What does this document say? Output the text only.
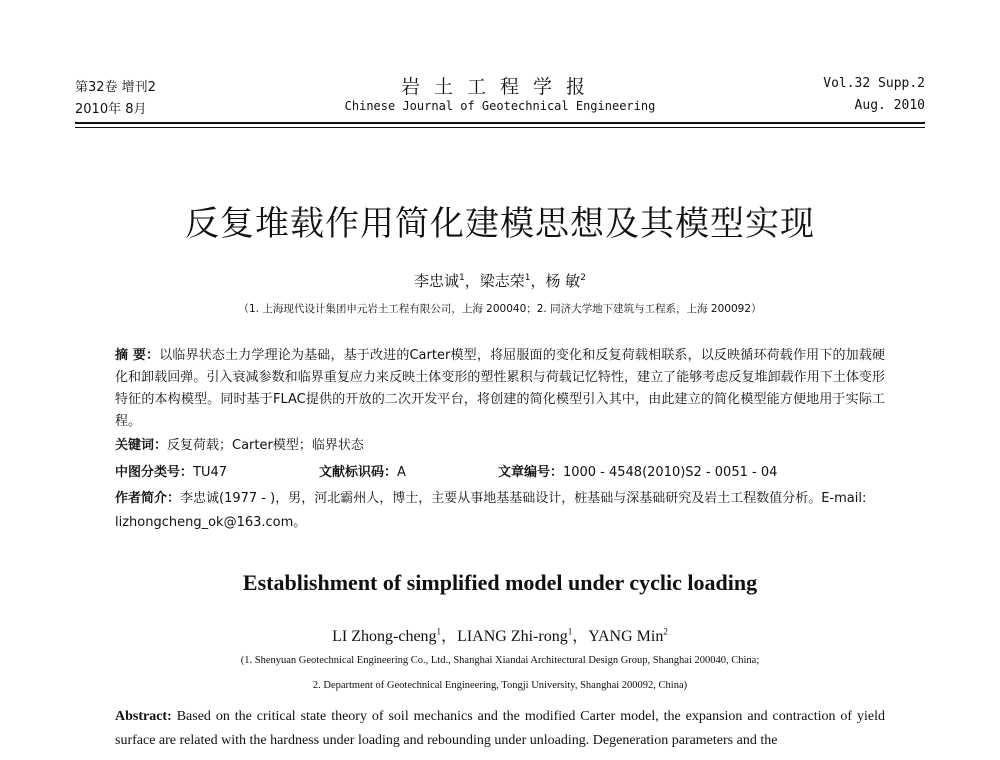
第32卷 增刊2
2010年 8月
岩土工程学报
Chinese Journal of Geotechnical Engineering
Vol.32 Supp.2
Aug. 2010
反复堆载作用简化建模思想及其模型实现
李忠诚$^1$，梁志荣$^1$，杨 敏$^2$
（1. 上海现代设计集团申元岩土工程有限公司，上海 200040；2. 同济大学地下建筑与工程系，上海 200092）
摘 要：以临界状态土力学理论为基础，基于改进的Carter模型，将屈服面的变化和反复荷载相联系，以反映循环荷载作用下的加载硬化和卸载回弹。引入衰减参数和临界重复应力来反映土体变形的塑性累积与荷载记忆特性，建立了能够考虑反复堆卸载作用下土体变形特征的本构模型。同时基于FLAC提供的开放的二次开发平台，将创建的简化模型引入其中，由此建立的简化模型能方便地用于实际工程。
关键词：反复荷载；Carter模型；临界状态
中图分类号：TU47	文献标识码：A	文章编号：1000 - 4548(2010)S2 - 0051 - 04
作者简介：李忠诚(1977 - )，男，河北霸州人，博士，主要从事地基基础设计，桩基础与深基础研究及岩土工程数值分析。E-mail: lizhongcheng_ok@163.com。
Establishment of simplified model under cyclic loading
LI Zhong-cheng$^1$，LIANG Zhi-rong$^1$，YANG Min$^2$
(1. Shenyuan Geotechnical Engineering Co., Ltd., Shanghai Xiandai Architectural Design Group, Shanghai 200040, China;
2. Department of Geotechnical Engineering, Tongji University, Shanghai 200092, China)
Abstract: Based on the critical state theory of soil mechanics and the modified Carter model, the expansion and contraction of yield surface are related with the hardness under loading and rebounding under unloading. Degeneration parameters and the
